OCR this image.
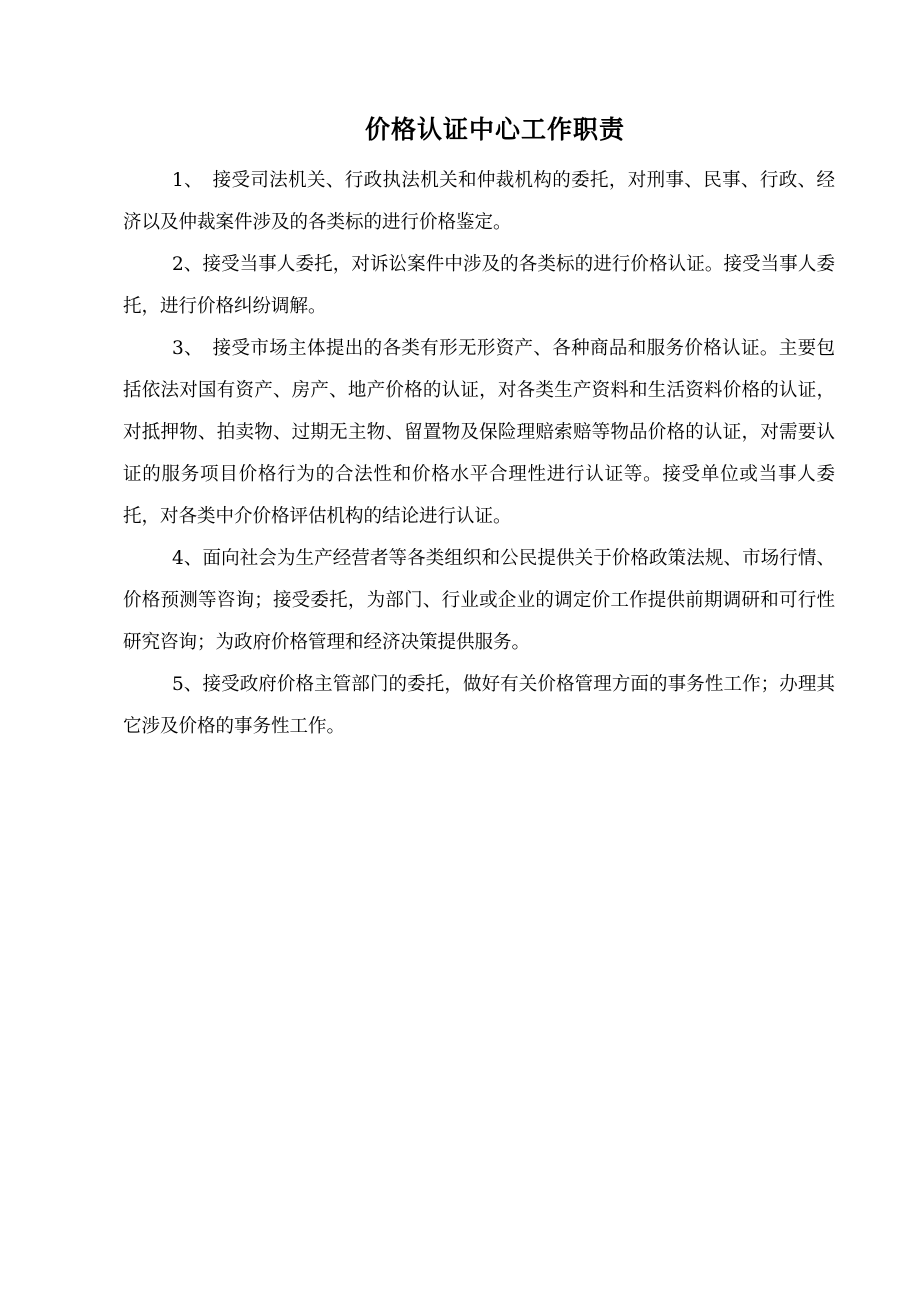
价格认证中心工作职责

1、　接受司法机关、行政执法机关和仲裁机构的委托，对刑事、民事、行政、经济以及仲裁案件涉及的各类标的进行价格鉴定。

2、接受当事人委托，对诉讼案件中涉及的各类标的进行价格认证。接受当事人委托，进行价格纠纷调解。

3、　接受市场主体提出的各类有形无形资产、各种商品和服务价格认证。主要包括依法对国有资产、房产、地产价格的认证，对各类生产资料和生活资料价格的认证，对抵押物、拍卖物、过期无主物、留置物及保险理赔索赔等物品价格的认证，对需要认证的服务项目价格行为的合法性和价格水平合理性进行认证等。接受单位或当事人委托，对各类中介价格评估机构的结论进行认证。

4、面向社会为生产经营者等各类组织和公民提供关于价格政策法规、市场行情、价格预测等咨询；接受委托，为部门、行业或企业的调定价工作提供前期调研和可行性研究咨询；为政府价格管理和经济决策提供服务。

5、接受政府价格主管部门的委托，做好有关价格管理方面的事务性工作；办理其它涉及价格的事务性工作。
